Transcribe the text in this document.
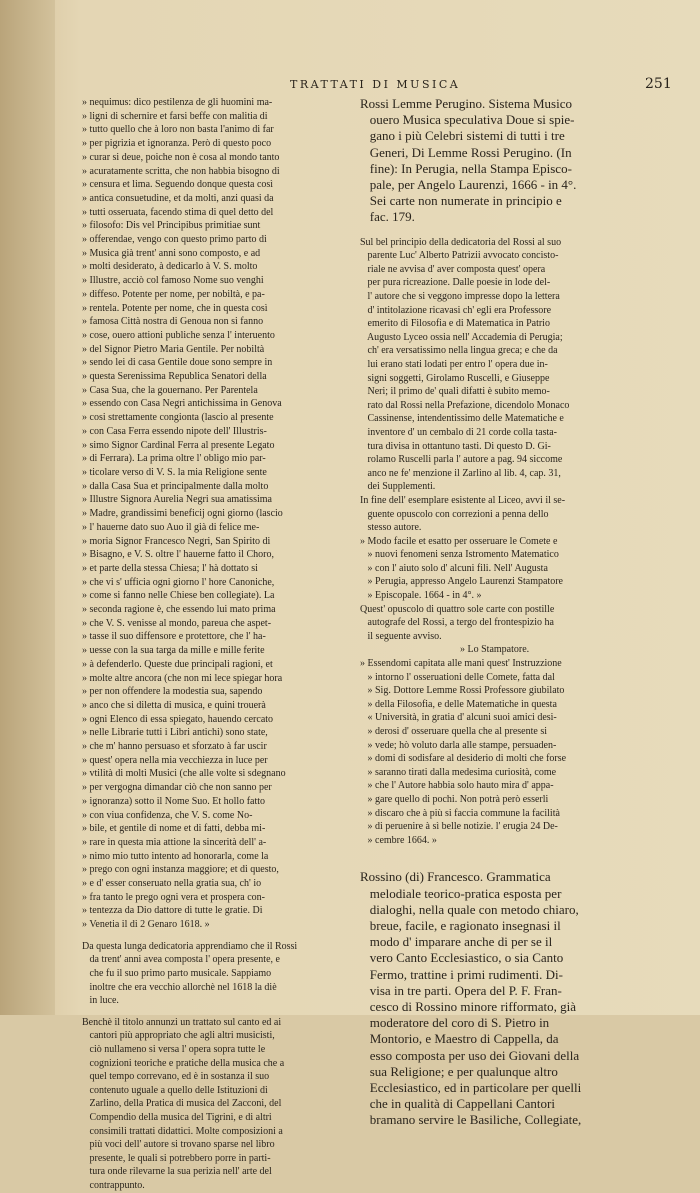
TRATTATI DI MUSICA	251
» nequimus: dico pestilenza de gli huomini ma-
» ligni di schernire et farsi beffe con malitia di
» tutto quello che à loro non basta l'animo di far
» per pigrizia et ignoranza. Però di questo poco
» curar si deue, poiche non è cosa al mondo tanto
» acuratamente scritta, che non habbia bisogno di
» censura et lima. Seguendo donque questa così
» antica consuetudine, et da molti, anzi quasi da
» tutti osseruata, facendo stima di quel detto del
» filosofo: Dis vel Principibus primitiae sunt
» offerendae, vengo con questo primo parto di
» Musica già trent' anni sono composto, e ad
» molti desiderato, à dedicarlo à V. S. molto
» Illustre, acciò col famoso Nome suo venghi
» diffeso. Potente per nome, per nobiltà, e pa-
» rentela. Potente per nome, che in questa così
» famosa Città nostra di Genoua non si fanno
» cose, ouero attioni publiche senza l' interuento
» del Signor Pietro Maria Gentile. Per nobiltà
» sendo lei di casa Gentile doue sono sempre in
» questa Serenissima Republica Senatori della
» Casa Sua, che la gouernano. Per Parentela
» essendo con Casa Negri antichissima in Genova
» cosi strettamente congionta (lascio al presente
» con Casa Ferra essendo nipote dell' Illustris-
» simo Signor Cardinal Ferra al presente Legato
» di Ferrara). La prima oltre l' obligo mio par-
» ticolare verso di V. S. la mia Religione sente
» dalla Casa Sua et principalmente dalla molto
» Illustre Signora Aurelia Negri sua amatissima
» Madre, grandissimi beneficij ogni giorno (lascio
» l' hauerne dato suo Auo il già di felice me-
» moria Signor Francesco Negri, San Spirito di
» Bisagno, e V. S. oltre l' hauerne fatto il Choro,
» et parte della stessa Chiesa; l' hà dottato si
» che vi s' ufficia ogni giorno l' hore Canoniche,
» come si fanno nelle Chiese ben collegiate). La
» seconda ragione è, che essendo lui mato prima
» che V. S. venisse al mondo, pareua che aspet-
» tasse il suo diffensore e protettore, che l' ha-
» uesse con la sua targa da mille e mille ferite
» à defenderlo. Queste due principali ragioni, et
» molte altre ancora (che non mi lece spiegar hora
» per non offendere la modestia sua, sapendo
» anco che si diletta di musica, e quini trouerà
» ogni Elenco di essa spiegato, hauendo cercato
» nelle Librarie tutti i Libri antichi) sono state,
» che m' hanno persuaso et sforzato à far uscir
» quest' opera nella mia vecchiezza in luce per
» vtilità di molti Musici (che alle volte si sdegnano
» per vergogna dimandar ciò che non sanno per
» ignoranza) sotto il Nome Suo. Et hollo fatto
» con viua confidenza, che V. S. come No-
» bile, et gentile di nome et di fatti, debba mi-
» rare in questa mia attione la sincerità dell' a-
» nimo mio tutto intento ad honorarla, come la
» prego con ogni instanza maggiore; et di questo,
» e d' esser conseruato nella gratia sua, ch' io
» fra tanto le prego ogni vera et prospera con-
» tentezza da Dio dattore di tutte le gratie. Di
» Venetia il di 2 Genaro 1618. »
Da questa lunga dedicatoria apprendiamo che il Rossi
da trent' anni avea composta l' opera presente, e
che fu il suo primo parto musicale. Sappiamo
inoltre che era vecchio allorchè nel 1618 la diè
in luce.
Benchè il titolo annunzi un trattato sul canto ed ai
cantori più appropriato che agli altri musicisti,
ciò nullameno si versa l' opera sopra tutte le
cognizioni teoriche e pratiche della musica che a
quel tempo correvano, ed è in sostanza il suo
contenuto uguale a quello delle Istituzioni di
Zarlino, della Pratica di musica del Zacconi, del
Compendio della musica del Tigrini, e di altri
consimili trattati didattici. Molte composizioni a
più voci dell' autore si trovano sparse nel libro
presente, le quali si potrebbero porre in parti-
tura onde rilevarne la sua perizia nell' arte del
contrappunto.
Rossi Lemme Perugino. Sistema Musico
ouero Musica speculativa Doue si spie-
gano i più Celebri sistemi di tutti i tre
Generi, Di Lemme Rossi Perugino. (In
fine): In Perugia, nella Stampa Episco-
pale, per Angelo Laurenzi, 1666 - in 4°.
Sei carte non numerate in principio e
fac. 179.
Sul bel principio della dedicatoria del Rossi al suo
parente Luc' Alberto Patrizii avvocato concisto-
riale ne avvisa d' aver composta quest' opera
per pura ricreazione. Dalle poesie in lode del-
l' autore che si veggono impresse dopo la lettera
d' intitolazione ricavasi ch' egli era Professore
emerito di Filosofia e di Matematica in Patrio
Augusto Lyceo ossia nell' Accademia di Perugia;
ch' era versatissimo nella lingua greca; e che da
lui erano stati lodati per entro l' opera due in-
signi soggetti, Girolamo Ruscelli, e Giuseppe
Neri; il primo de' quali difatti è subito memo-
rato dal Rossi nella Prefazione, dicendolo Monaco
Cassinense, intendentissimo delle Matematiche e
inventore d' un cembalo di 21 corde colla tasta-
tura divisa in ottantuno tasti. Di questo D. Gi-
rolamo Ruscelli parla l' autore a pag. 94 siccome
anco ne fe' menzione il Zarlino al lib. 4, cap. 31,
dei Supplementi.
In fine dell' esemplare esistente al Liceo, avvi il se-
guente opuscolo con correzioni a penna dello
stesso autore.
» Modo facile et esatto per osseruare le Comete e
» nuovi fenomeni senza Istromento Matematico
» con l' aiuto solo d' alcuni fili. Nell' Augusta
» Perugia, appresso Angelo Laurenzi Stampatore
» Episcopale. 1664 - in 4°. »
Quest' opuscolo di quattro sole carte con postille
autografe del Rossi, a tergo del frontespizio ha
il seguente avviso.
» Lo Stampatore.
» Essendomi capitata alle mani quest' Instruzzione
» intorno l' osseruationi delle Comete, fatta dal
» Sig. Dottore Lemme Rossi Professore giubilato
» della Filosofia, e delle Matematiche in questa
« Università, in gratia d' alcuni suoi amici desi-
» derosi d' osseruare quella che al presente si
» vede; hò voluto darla alle stampe, persuaden-
» domi di sodisfare al desiderio di molti che forse
» saranno tirati dalla medesima curiosità, come
» che l' Autore habbia solo hauto mira d' appa-
» gare quello di pochi. Non potrà però esserli
» discaro che à più si faccia commune la facilità
» di peruenire à sì belle notizie. l' erugia 24 De-
» cembre 1664. »
Rossino (di) Francesco. Grammatica
melodiale teorico-pratica esposta per
dialoghi, nella quale con metodo chiaro,
breue, facile, e ragionato insegnasi il
modo d' imparare anche di per se il
vero Canto Ecclesiastico, o sia Canto
Fermo, trattine i primi rudimenti. Di-
visa in tre parti. Opera del P. F. Fran-
cesco di Rossino minore rifformato, già
moderatore del coro di S. Pietro in
Montorio, e Maestro di Cappella, da
esso composta per uso dei Giovani della
sua Religione; e per qualunque altro
Ecclesiastico, ed in particolare per quelli
che in qualità di Cappellani Cantori
bramano servire le Basiliche, Collegiate,
